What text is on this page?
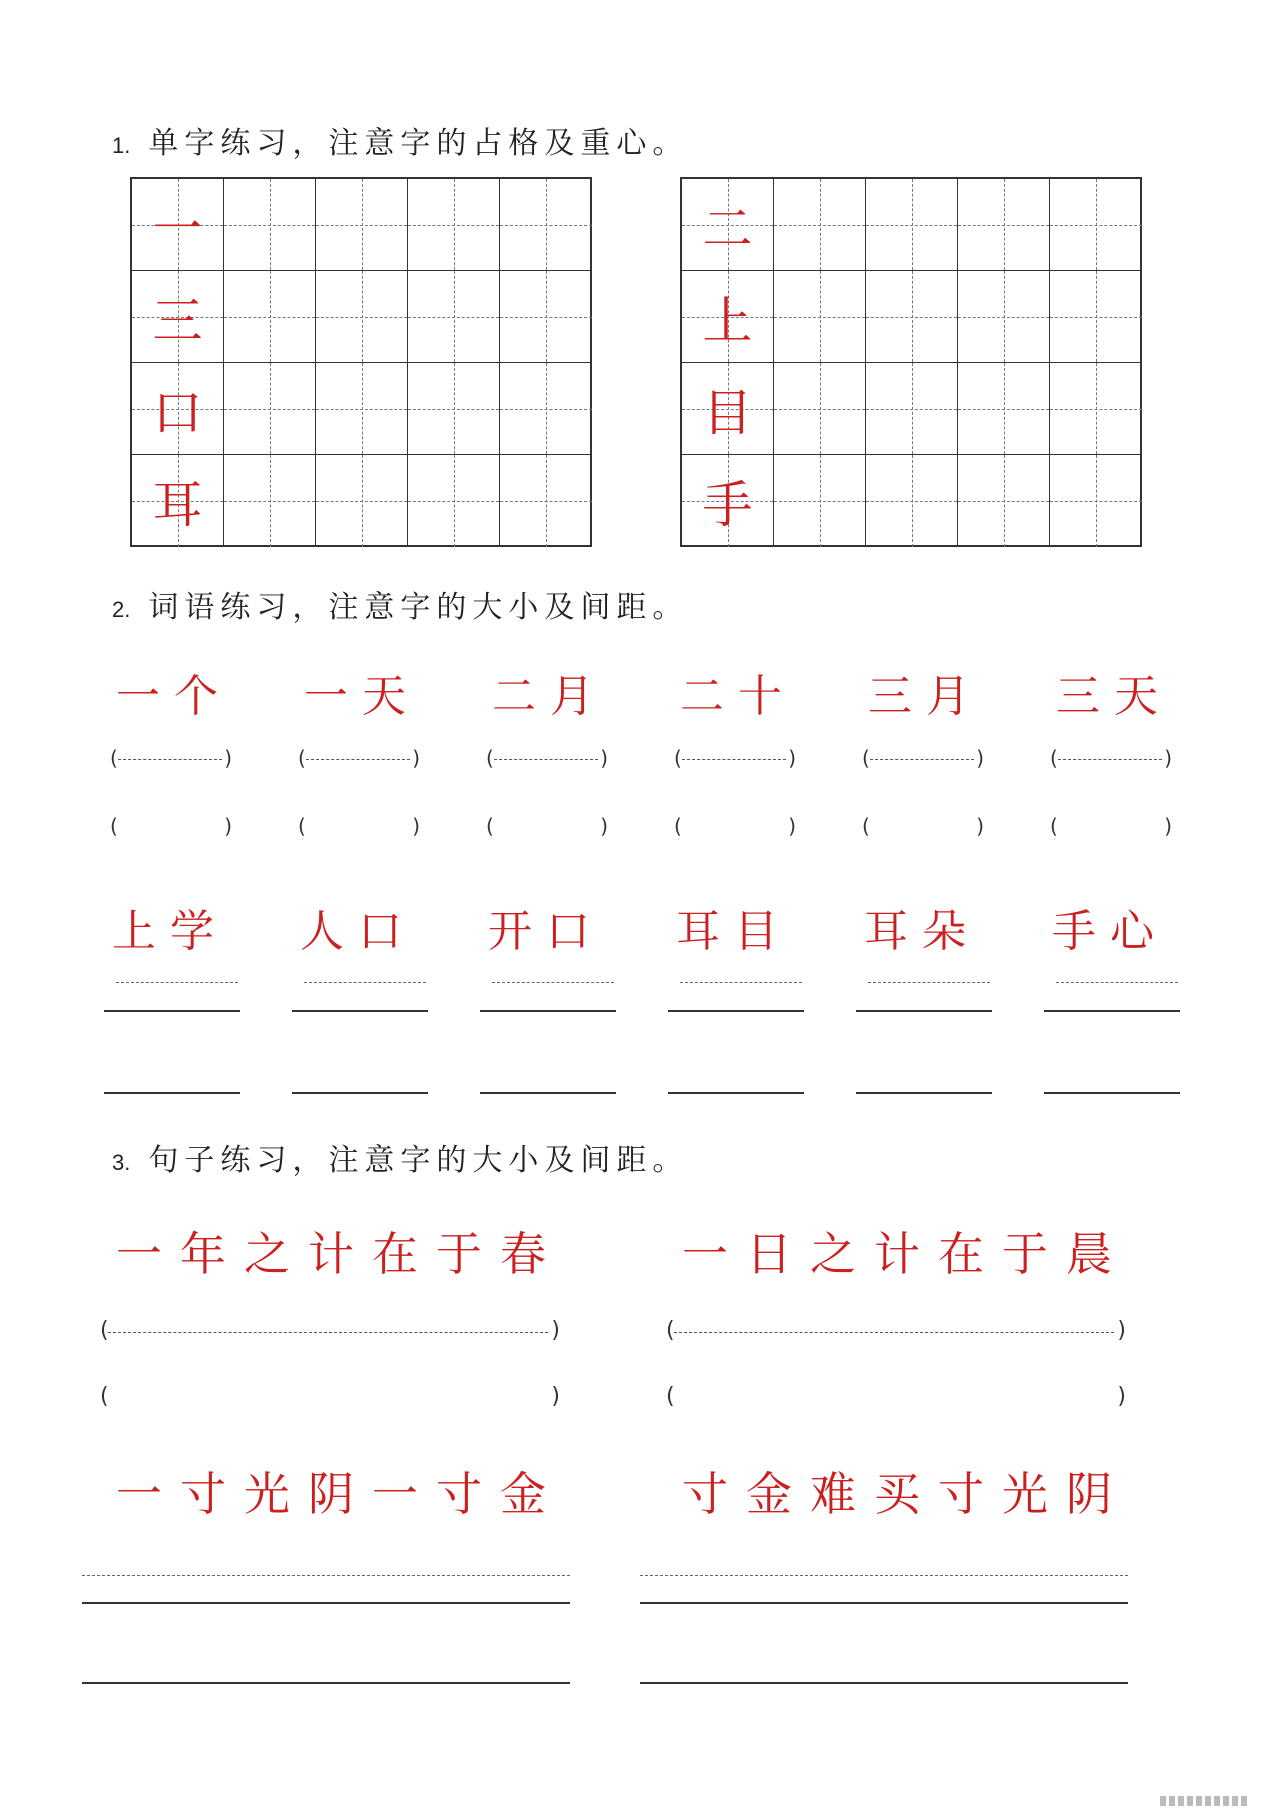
1. 单字练习，注意字的占格及重心。
一
三
口
耳
二
上
目
手
2. 词语练习，注意字的大小及间距。
一个
(	)
(	)
上学
一天
(	)
(	)
人口
二月
(	)
(	)
开口
二十
(	)
(	)
耳目
三月
(	)
(	)
耳朵
三天
(	)
(	)
手心
3. 句子练习，注意字的大小及间距。
一年之计在于春
(	)
(	)
一寸光阴一寸金
一日之计在于晨
(	)
(	)
寸金难买寸光阴
